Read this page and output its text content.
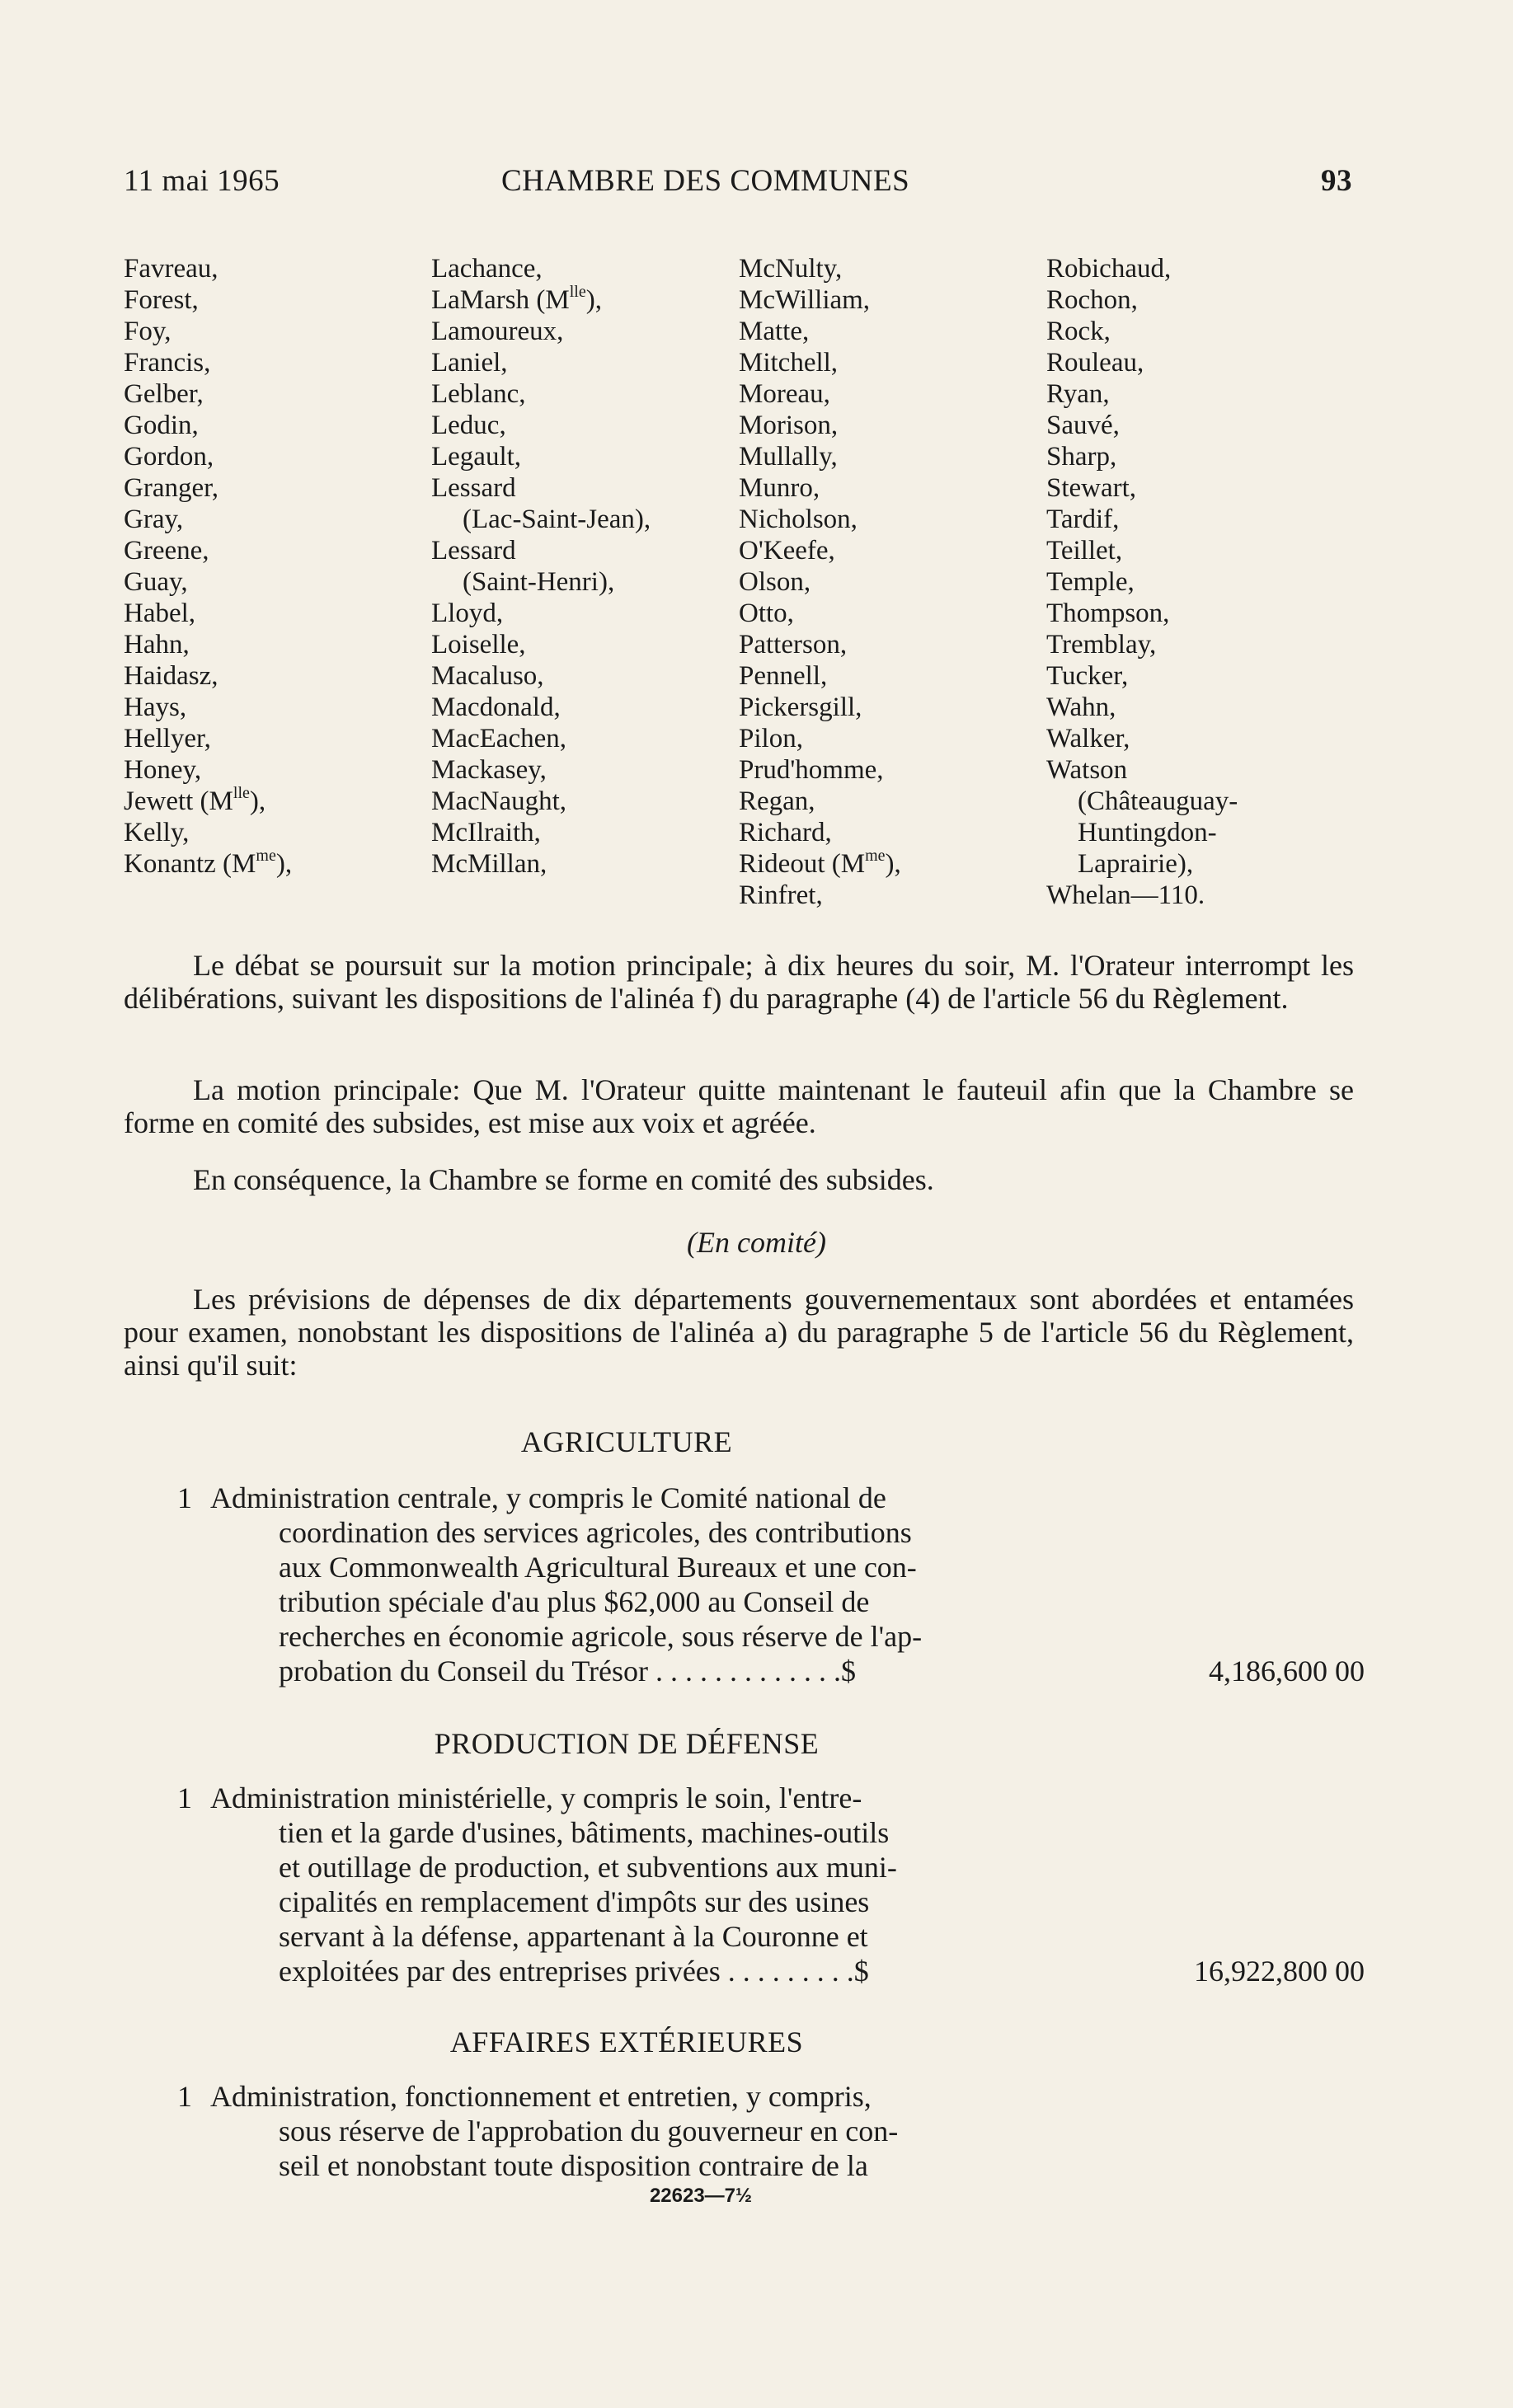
11 mai 1965	CHAMBRE DES COMMUNES	93
Favreau,
Forest,
Foy,
Francis,
Gelber,
Godin,
Gordon,
Granger,
Gray,
Greene,
Guay,
Habel,
Hahn,
Haidasz,
Hays,
Hellyer,
Honey,
Jewett $(M^{lle})$,
Kelly,
Konantz $(M^{me})$,
Lachance,
LaMarsh $(M^{lle})$,
Lamoureux,
Laniel,
Leblanc,
Leduc,
Legault,
Lessard
(Lac-Saint-Jean),
Lessard
(Saint-Henri),
Lloyd,
Loiselle,
Macaluso,
Macdonald,
MacEachen,
Mackasey,
MacNaught,
McIlraith,
McMillan,
McNulty,
McWilliam,
Matte,
Mitchell,
Moreau,
Morison,
Mullally,
Munro,
Nicholson,
O'Keefe,
Olson,
Otto,
Patterson,
Pennell,
Pickersgill,
Pilon,
Prud'homme,
Regan,
Richard,
Rideout $(M^{me})$,
Rinfret,
Robichaud,
Rochon,
Rock,
Rouleau,
Ryan,
Sauvé,
Sharp,
Stewart,
Tardif,
Teillet,
Temple,
Thompson,
Tremblay,
Tucker,
Wahn,
Walker,
Watson
(Châteauguay-
Huntingdon-
Laprairie),
Whelan—110.

Le débat se poursuit sur la motion principale; à dix heures du soir, M. l'Orateur interrompt les délibérations, suivant les dispositions de l'alinéa f) du paragraphe (4) de l'article 56 du Règlement.

La motion principale: Que M. l'Orateur quitte maintenant le fauteuil afin que la Chambre se forme en comité des subsides, est mise aux voix et agréée.

En conséquence, la Chambre se forme en comité des subsides.

(En comité)

Les prévisions de dépenses de dix départements gouvernementaux sont abordées et entamées pour examen, nonobstant les dispositions de l'alinéa a) du paragraphe 5 de l'article 56 du Règlement, ainsi qu'il suit:

AGRICULTURE
1 Administration centrale, y compris le Comité national de
coordination des services agricoles, des contributions
aux Commonwealth Agricultural Bureaux et une con-
tribution spéciale d'au plus $62,000 au Conseil de
recherches en économie agricole, sous réserve de l'ap-
probation du Conseil du Trésor . . . . . . . . . . . . .$	4,186,600 00
PRODUCTION DE DÉFENSE
1 Administration ministérielle, y compris le soin, l'entre-
tien et la garde d'usines, bâtiments, machines-outils
et outillage de production, et subventions aux muni-
cipalités en remplacement d'impôts sur des usines
servant à la défense, appartenant à la Couronne et
exploitées par des entreprises privées . . . . . . . . .$	16,922,800 00
AFFAIRES EXTÉRIEURES
1 Administration, fonctionnement et entretien, y compris,
sous réserve de l'approbation du gouverneur en con-
seil et nonobstant toute disposition contraire de la
22623—7½
